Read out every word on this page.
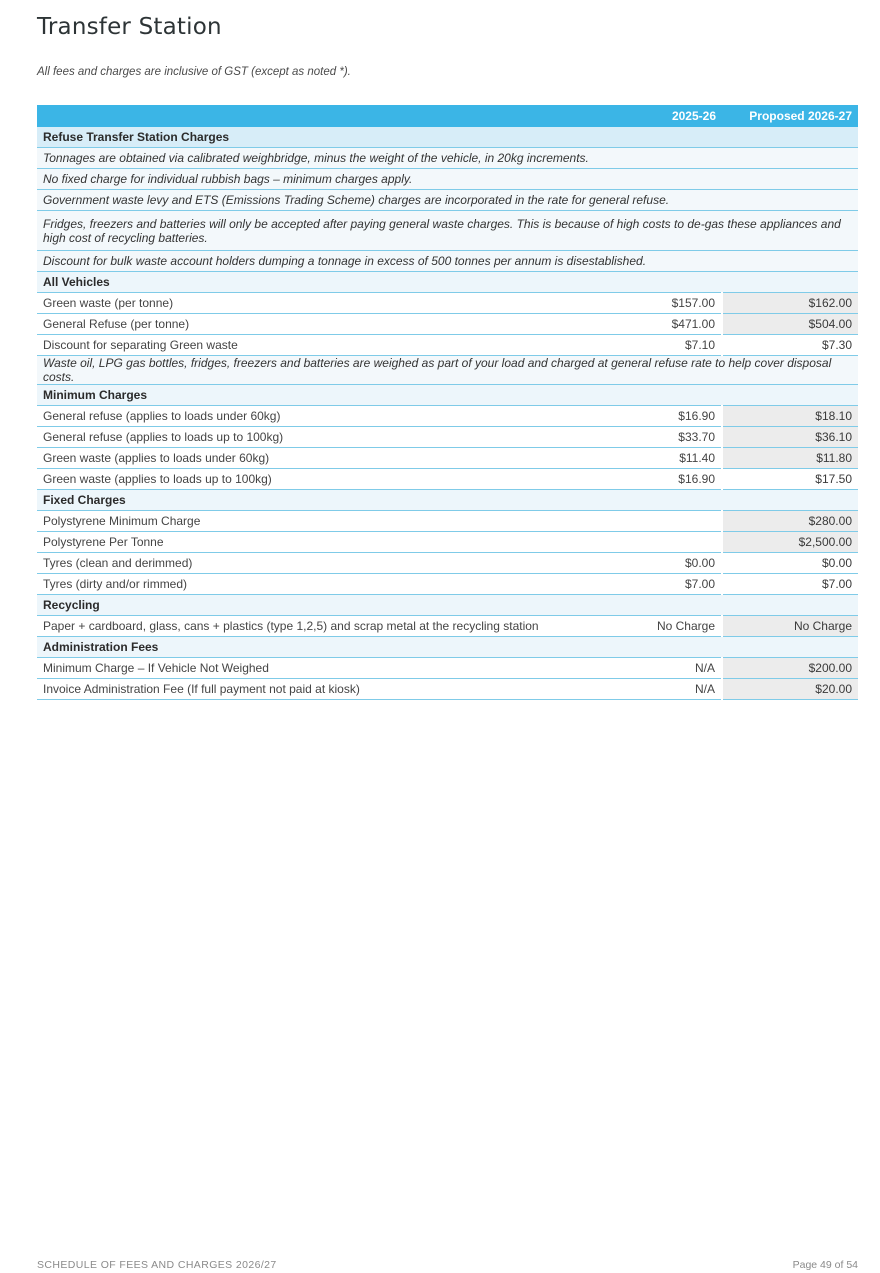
Transfer Station

All fees and charges are inclusive of GST (except as noted *).

	2025-26	Proposed 2026-27
Refuse Transfer Station Charges		
Tonnages are obtained via calibrated weighbridge, minus the weight of the vehicle, in 20kg increments.		
No fixed charge for individual rubbish bags – minimum charges apply.		
Government waste levy and ETS (Emissions Trading Scheme) charges are incorporated in the rate for general refuse.		
Fridges, freezers and batteries will only be accepted after paying general waste charges. This is because of high costs to de-gas these appliances and high cost of recycling batteries.		
Discount for bulk waste account holders dumping a tonnage in excess of 500 tonnes per annum is disestablished.		
All Vehicles		
Green waste (per tonne)	$157.00	$162.00
General Refuse (per tonne)	$471.00	$504.00
Discount for separating Green waste	$7.10	$7.30
Waste oil, LPG gas bottles, fridges, freezers and batteries are weighed as part of your load and charged at general refuse rate to help cover disposal costs.		
Minimum Charges		
General refuse (applies to loads under 60kg)	$16.90	$18.10
General refuse (applies to loads up to 100kg)	$33.70	$36.10
Green waste (applies to loads under 60kg)	$11.40	$11.80
Green waste (applies to loads up to 100kg)	$16.90	$17.50
Fixed Charges		
Polystyrene Minimum Charge		$280.00
Polystyrene Per Tonne		$2,500.00
Tyres (clean and derimmed)	$0.00	$0.00
Tyres (dirty and/or rimmed)	$7.00	$7.00
Recycling		
Paper + cardboard, glass, cans + plastics (type 1,2,5) and scrap metal at the recycling station	No Charge	No Charge
Administration Fees		
Minimum Charge – If Vehicle Not Weighed	N/A	$200.00
Invoice Administration Fee (If full payment not paid at kiosk)	N/A	$20.00
SCHEDULE OF FEES AND CHARGES 2026/27	Page 49 of 54
